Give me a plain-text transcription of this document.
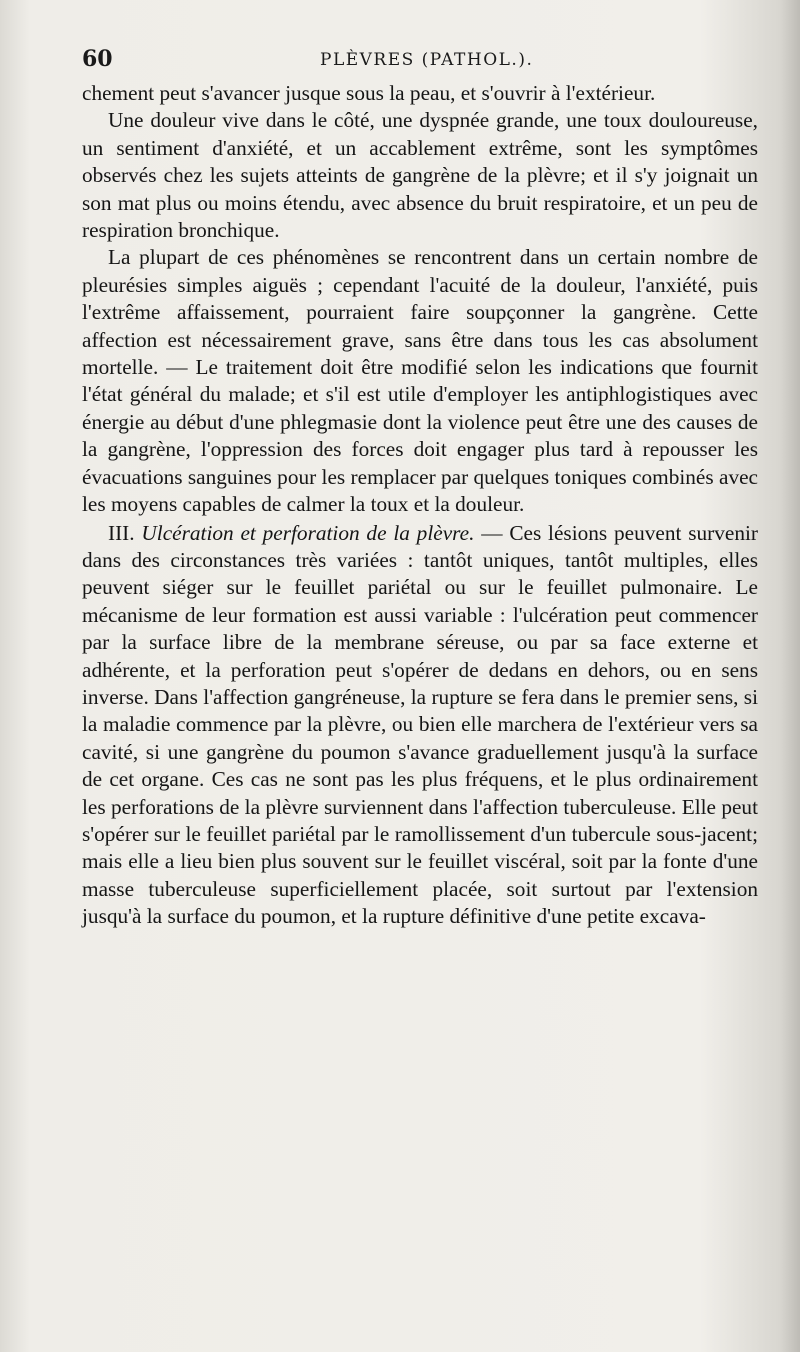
60	PLÈVRES (PATHOL.).

chement peut s'avancer jusque sous la peau, et s'ouvrir à l'extérieur.

Une douleur vive dans le côté, une dyspnée grande, une toux douloureuse, un sentiment d'anxiété, et un accablement extrême, sont les symptômes observés chez les sujets atteints de gangrène de la plèvre; et il s'y joignait un son mat plus ou moins étendu, avec absence du bruit respiratoire, et un peu de respiration bronchique.

La plupart de ces phénomènes se rencontrent dans un certain nombre de pleurésies simples aiguës ; cependant l'acuité de la douleur, l'anxiété, puis l'extrême affaissement, pourraient faire soupçonner la gangrène. Cette affection est nécessairement grave, sans être dans tous les cas absolument mortelle. — Le traitement doit être modifié selon les indications que fournit l'état général du malade; et s'il est utile d'employer les antiphlogistiques avec énergie au début d'une phlegmasie dont la violence peut être une des causes de la gangrène, l'oppression des forces doit engager plus tard à repousser les évacuations sanguines pour les remplacer par quelques toniques combinés avec les moyens capables de calmer la toux et la douleur.

III. Ulcération et perforation de la plèvre. — Ces lésions peuvent survenir dans des circonstances très variées : tantôt uniques, tantôt multiples, elles peuvent siéger sur le feuillet pariétal ou sur le feuillet pulmonaire. Le mécanisme de leur formation est aussi variable : l'ulcération peut commencer par la surface libre de la membrane séreuse, ou par sa face externe et adhérente, et la perforation peut s'opérer de dedans en dehors, ou en sens inverse. Dans l'affection gangréneuse, la rupture se fera dans le premier sens, si la maladie commence par la plèvre, ou bien elle marchera de l'extérieur vers sa cavité, si une gangrène du poumon s'avance graduellement jusqu'à la surface de cet organe. Ces cas ne sont pas les plus fréquens, et le plus ordinairement les perforations de la plèvre surviennent dans l'affection tuberculeuse. Elle peut s'opérer sur le feuillet pariétal par le ramollissement d'un tubercule sous-jacent; mais elle a lieu bien plus souvent sur le feuillet viscéral, soit par la fonte d'une masse tuberculeuse superficiellement placée, soit surtout par l'extension jusqu'à la surface du poumon, et la rupture définitive d'une petite excava-
